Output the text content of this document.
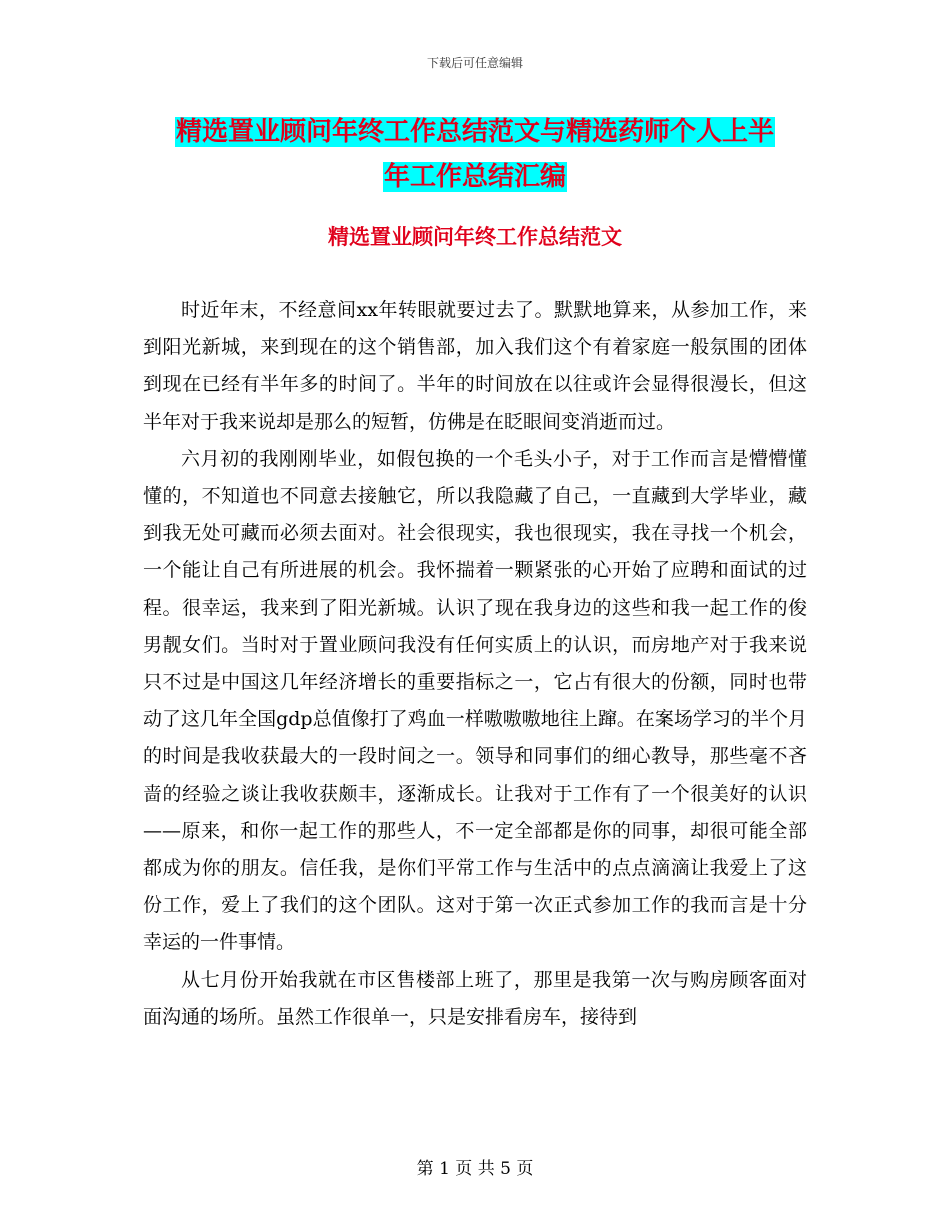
下载后可任意编辑
精选置业顾问年终工作总结范文与精选药师个人上半
年工作总结汇编
精选置业顾问年终工作总结范文

时近年末，不经意间xx年转眼就要过去了。默默地算来，从参加工作，来到阳光新城，来到现在的这个销售部，加入我们这个有着家庭一般氛围的团体到现在已经有半年多的时间了。半年的时间放在以往或许会显得很漫长，但这半年对于我来说却是那么的短暂，仿佛是在眨眼间变消逝而过。

六月初的我刚刚毕业，如假包换的一个毛头小子，对于工作而言是懵懵懂懂的，不知道也不同意去接触它，所以我隐藏了自己，一直藏到大学毕业，藏到我无处可藏而必须去面对。社会很现实，我也很现实，我在寻找一个机会，一个能让自己有所进展的机会。我怀揣着一颗紧张的心开始了应聘和面试的过程。很幸运，我来到了阳光新城。认识了现在我身边的这些和我一起工作的俊男靓女们。当时对于置业顾问我没有任何实质上的认识，而房地产对于我来说只不过是中国这几年经济增长的重要指标之一，它占有很大的份额，同时也带动了这几年全国gdp总值像打了鸡血一样嗷嗷嗷地往上蹿。在案场学习的半个月的时间是我收获最大的一段时间之一。领导和同事们的细心教导，那些毫不吝啬的经验之谈让我收获颇丰，逐渐成长。让我对于工作有了一个很美好的认识——原来，和你一起工作的那些人，不一定全部都是你的同事，却很可能全部都成为你的朋友。信任我，是你们平常工作与生活中的点点滴滴让我爱上了这份工作，爱上了我们的这个团队。这对于第一次正式参加工作的我而言是十分幸运的一件事情。

从七月份开始我就在市区售楼部上班了，那里是我第一次与购房顾客面对面沟通的场所。虽然工作很单一，只是安排看房车，接待到

第 1 页 共 5 页
